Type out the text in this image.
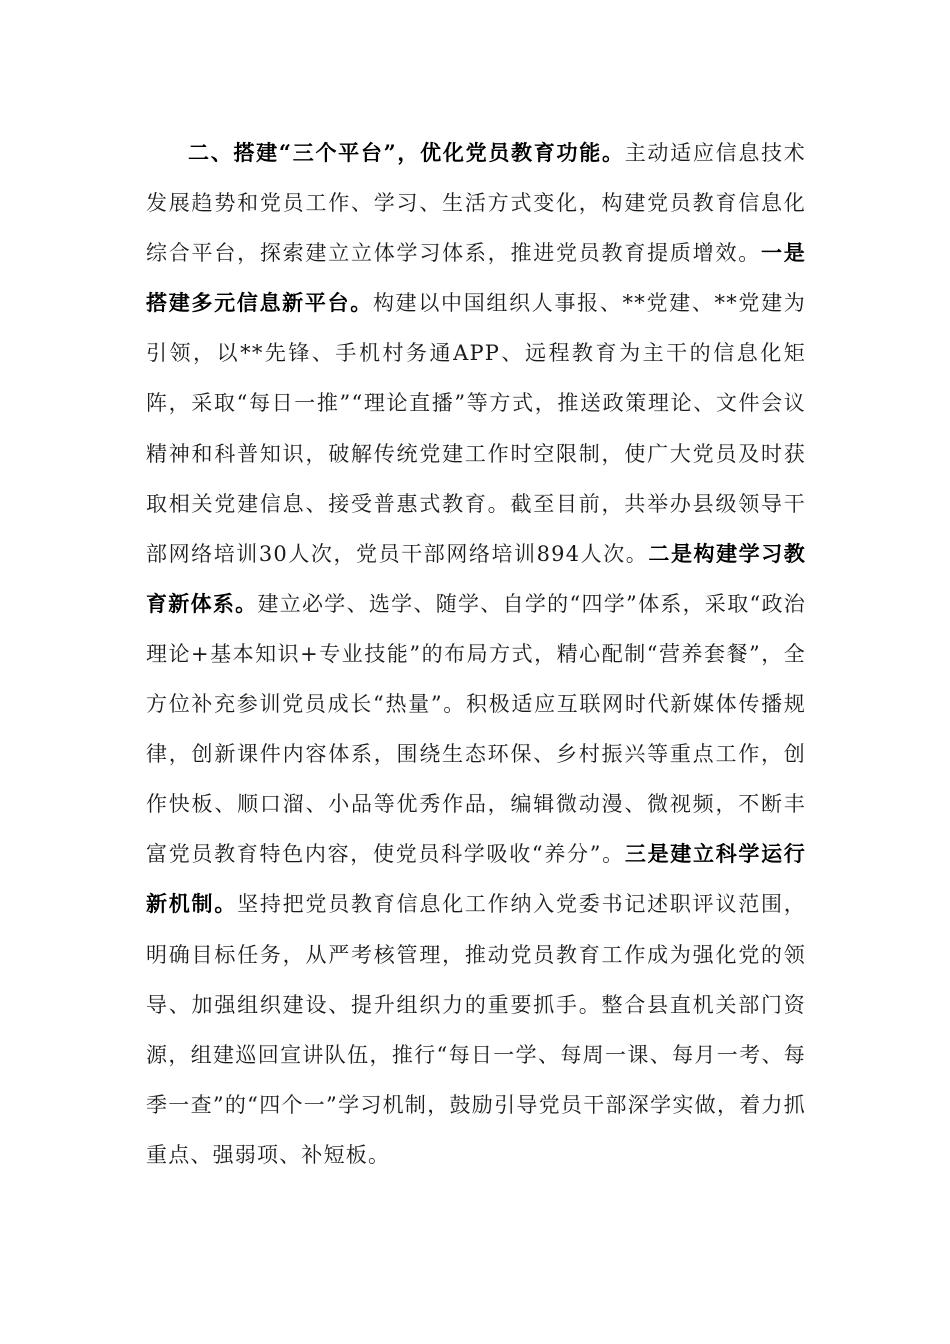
二、搭建“三个平台”，优化党员教育功能。主动适应信息技术发展趋势和党员工作、学习、生活方式变化，构建党员教育信息化综合平台，探索建立立体学习体系，推进党员教育提质增效。一是搭建多元信息新平台。构建以中国组织人事报、**党建、**党建为引领，以**先锋、手机村务通APP、远程教育为主干的信息化矩阵，采取“每日一推”“理论直播”等方式，推送政策理论、文件会议精神和科普知识，破解传统党建工作时空限制，使广大党员及时获取相关党建信息、接受普惠式教育。截至目前，共举办县级领导干部网络培训30人次，党员干部网络培训894人次。二是构建学习教育新体系。建立必学、选学、随学、自学的“四学”体系，采取“政治理论+基本知识+专业技能”的布局方式，精心配制“营养套餐”，全方位补充参训党员成长“热量”。积极适应互联网时代新媒体传播规律，创新课件内容体系，围绕生态环保、乡村振兴等重点工作，创作快板、顺口溜、小品等优秀作品，编辑微动漫、微视频，不断丰富党员教育特色内容，使党员科学吸收“养分”。三是建立科学运行新机制。坚持把党员教育信息化工作纳入党委书记述职评议范围，明确目标任务，从严考核管理，推动党员教育工作成为强化党的领导、加强组织建设、提升组织力的重要抓手。整合县直机关部门资源，组建巡回宣讲队伍，推行“每日一学、每周一课、每月一考、每季一查”的“四个一”学习机制，鼓励引导党员干部深学实做，着力抓重点、强弱项、补短板。
